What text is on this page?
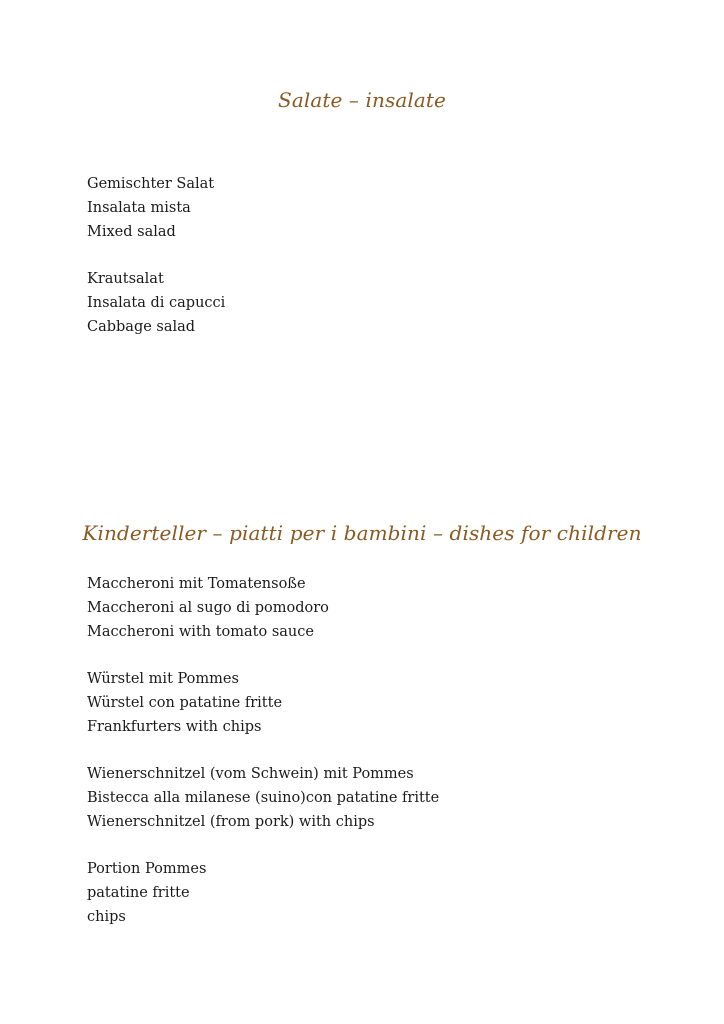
Salate – insalate
Gemischter Salat
Insalata mista
Mixed salad
Krautsalat
Insalata di capucci
Cabbage salad
Kinderteller – piatti per i bambini – dishes for children
Maccheroni mit Tomatensoße
Maccheroni al sugo di pomodoro
Maccheroni with tomato sauce
Würstel mit Pommes
Würstel con patatine fritte
Frankfurters with chips
Wienerschnitzel (vom Schwein) mit Pommes
Bistecca alla milanese (suino)con patatine fritte
Wienerschnitzel (from pork) with chips
Portion Pommes
patatine fritte
chips
